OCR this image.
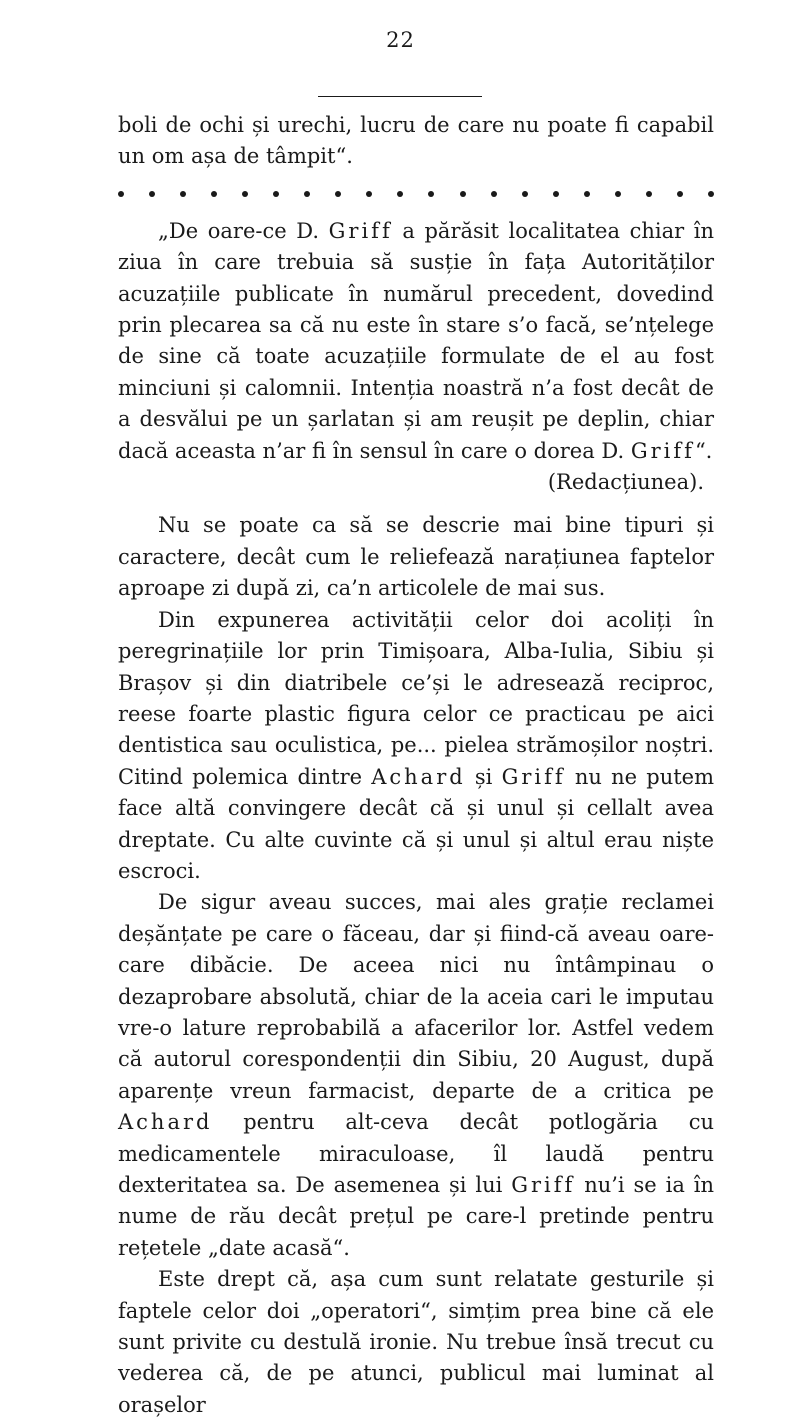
22

boli de ochi și urechi, lucru de care nu poate fi capabil un om așa de tâmpit“.

„De oare-ce D. Griff a părăsit localitatea chiar în ziua în care trebuia să susție în fața Autorităților acuzațiile publicate în numărul precedent, dovedind prin plecarea sa că nu este în stare s’o facă, se’nțelege de sine că toate acuzațiile formulate de el au fost minciuni și calomnii. Intenția noastră n’a fost decât de a desvălui pe un șarlatan și am reușit pe deplin, chiar dacă aceasta n’ar fi în sensul în care o dorea D. Griff“.

(Redacțiunea).

Nu se poate ca să se descrie mai bine tipuri și caractere, decât cum le reliefează narațiunea faptelor aproape zi după zi, ca’n articolele de mai sus.

Din expunerea activității celor doi acoliți în peregrinațiile lor prin Timișoara, Alba-Iulia, Sibiu și Brașov și din diatribele ce’și le adresează reciproc, reese foarte plastic figura celor ce practicau pe aici dentistica sau oculistica, pe... pielea strămoșilor noștri. Citind polemica dintre Achard și Griff nu ne putem face altă convingere decât că și unul și cellalt avea dreptate. Cu alte cuvinte că și unul și altul erau niște escroci.

De sigur aveau succes, mai ales grație reclamei deșănțate pe care o făceau, dar și fiind-că aveau oare-care dibăcie. De aceea nici nu întâmpinau o dezaprobare absolută, chiar de la aceia cari le imputau vre-o lature reprobabilă a afacerilor lor. Astfel vedem că autorul corespondenții din Sibiu, 20 August, după aparențe vreun farmacist, departe de a critica pe Achard pentru alt-ceva decât potlogăria cu medicamentele miraculoase, îl laudă pentru dexteritatea sa. De asemenea și lui Griff nu’i se ia în nume de rău decât prețul pe care-l pretinde pentru rețetele „date acasă“.

Este drept că, așa cum sunt relatate gesturile și faptele celor doi „operatori“, simțim prea bine că ele sunt privite cu destulă ironie. Nu trebue însă trecut cu vederea că, de pe atunci, publicul mai luminat al orașelor
